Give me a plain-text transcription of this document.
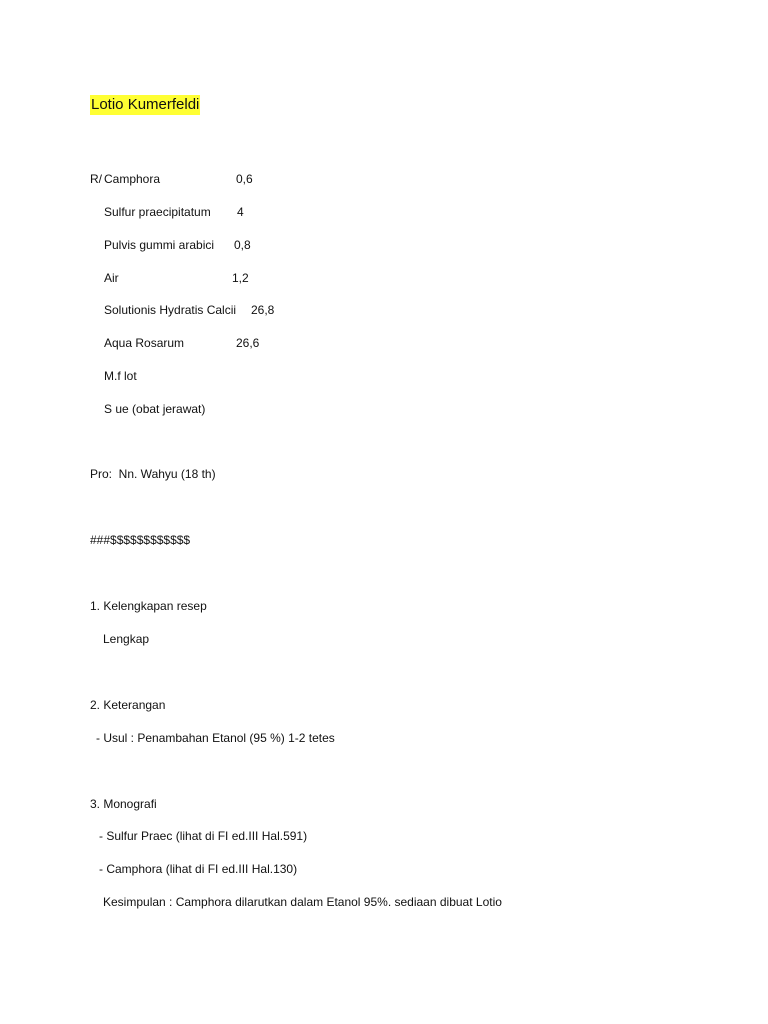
Lotio Kumerfeldi
R/ Camphora	0,6
Sulfur praecipitatum 4
Pulvis gummi arabici 0,8
Air	1,2
Solutionis Hydratis Calcii 26,8
Aqua Rosarum	26,6
M.f lot
S ue (obat jerawat)
Pro:  Nn. Wahyu (18 th)
###$$$$$$$$$$$$
1. Kelengkapan resep
Lengkap
2. Keterangan
- Usul : Penambahan Etanol (95 %) 1-2 tetes
3. Monografi
- Sulfur Praec (lihat di FI ed.III Hal.591)
- Camphora (lihat di FI ed.III Hal.130)
Kesimpulan : Camphora dilarutkan dalam Etanol 95%. sediaan dibuat Lotio
